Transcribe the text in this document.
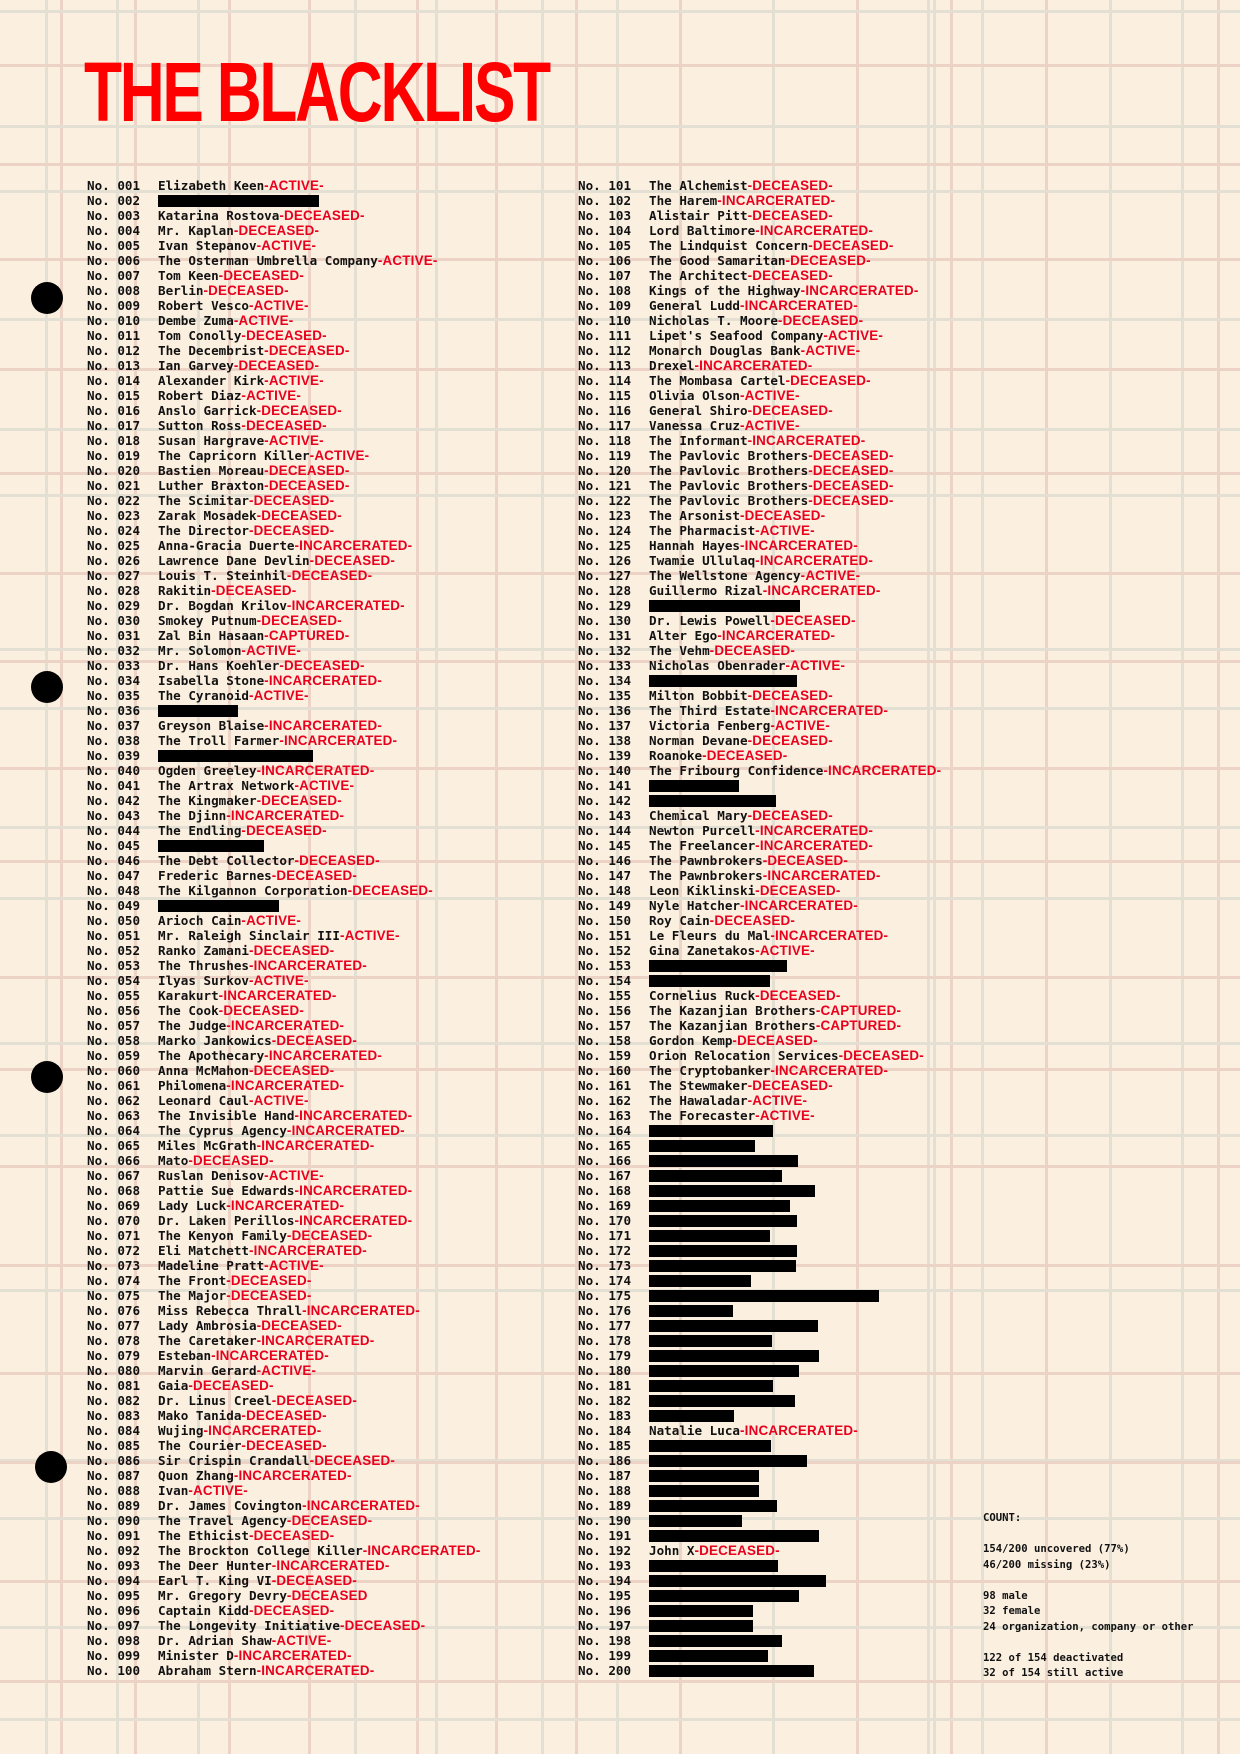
THE BLACKLIST
No. 001	Elizabeth Keen -ACTIVE-
No. 002
No. 003	Katarina Rostova -DECEASED-
No. 004	Mr. Kaplan -DECEASED-
No. 005	Ivan Stepanov -ACTIVE-
No. 006	The Osterman Umbrella Company -ACTIVE-
No. 007	Tom Keen -DECEASED-
No. 008	Berlin -DECEASED-
No. 009	Robert Vesco -ACTIVE-
No. 010	Dembe Zuma -ACTIVE-
No. 011	Tom Conolly -DECEASED-
No. 012	The Decembrist -DECEASED-
No. 013	Ian Garvey -DECEASED-
No. 014	Alexander Kirk -ACTIVE-
No. 015	Robert Diaz -ACTIVE-
No. 016	Anslo Garrick -DECEASED-
No. 017	Sutton Ross -DECEASED-
No. 018	Susan Hargrave -ACTIVE-
No. 019	The Capricorn Killer -ACTIVE-
No. 020	Bastien Moreau -DECEASED-
No. 021	Luther Braxton -DECEASED-
No. 022	The Scimitar -DECEASED-
No. 023	Zarak Mosadek -DECEASED-
No. 024	The Director -DECEASED-
No. 025	Anna-Gracia Duerte -INCARCERATED-
No. 026	Lawrence Dane Devlin -DECEASED-
No. 027	Louis T. Steinhil -DECEASED-
No. 028	Rakitin -DECEASED-
No. 029	Dr. Bogdan Krilov -INCARCERATED-
No. 030	Smokey Putnum -DECEASED-
No. 031	Zal Bin Hasaan -CAPTURED-
No. 032	Mr. Solomon -ACTIVE-
No. 033	Dr. Hans Koehler -DECEASED-
No. 034	Isabella Stone -INCARCERATED-
No. 035	The Cyranoid -ACTIVE-
No. 036
No. 037	Greyson Blaise -INCARCERATED-
No. 038	The Troll Farmer -INCARCERATED-
No. 039
No. 040	Ogden Greeley -INCARCERATED-
No. 041	The Artrax Network -ACTIVE-
No. 042	The Kingmaker -DECEASED-
No. 043	The Djinn -INCARCERATED-
No. 044	The Endling -DECEASED-
No. 045
No. 046	The Debt Collector -DECEASED-
No. 047	Frederic Barnes -DECEASED-
No. 048	The Kilgannon Corporation -DECEASED-
No. 049
No. 050	Arioch Cain -ACTIVE-
No. 051	Mr. Raleigh Sinclair III -ACTIVE-
No. 052	Ranko Zamani -DECEASED-
No. 053	The Thrushes -INCARCERATED-
No. 054	Ilyas Surkov -ACTIVE-
No. 055	Karakurt -INCARCERATED-
No. 056	The Cook -DECEASED-
No. 057	The Judge -INCARCERATED-
No. 058	Marko Jankowics -DECEASED-
No. 059	The Apothecary -INCARCERATED-
No. 060	Anna McMahon -DECEASED-
No. 061	Philomena -INCARCERATED-
No. 062	Leonard Caul -ACTIVE-
No. 063	The Invisible Hand -INCARCERATED-
No. 064	The Cyprus Agency -INCARCERATED-
No. 065	Miles McGrath -INCARCERATED-
No. 066	Mato -DECEASED-
No. 067	Ruslan Denisov -ACTIVE-
No. 068	Pattie Sue Edwards -INCARCERATED-
No. 069	Lady Luck -INCARCERATED-
No. 070	Dr. Laken Perillos -INCARCERATED-
No. 071	The Kenyon Family -DECEASED-
No. 072	Eli Matchett -INCARCERATED-
No. 073	Madeline Pratt -ACTIVE-
No. 074	The Front -DECEASED-
No. 075	The Major -DECEASED-
No. 076	Miss Rebecca Thrall -INCARCERATED-
No. 077	Lady Ambrosia -DECEASED-
No. 078	The Caretaker -INCARCERATED-
No. 079	Esteban -INCARCERATED-
No. 080	Marvin Gerard -ACTIVE-
No. 081	Gaia -DECEASED-
No. 082	Dr. Linus Creel -DECEASED-
No. 083	Mako Tanida -DECEASED-
No. 084	Wujing -INCARCERATED-
No. 085	The Courier -DECEASED-
No. 086	Sir Crispin Crandall -DECEASED-
No. 087	Quon Zhang -INCARCERATED-
No. 088	Ivan -ACTIVE-
No. 089	Dr. James Covington -INCARCERATED-
No. 090	The Travel Agency -DECEASED-
No. 091	The Ethicist -DECEASED-
No. 092	The Brockton College Killer -INCARCERATED-
No. 093	The Deer Hunter -INCARCERATED-
No. 094	Earl T. King VI -DECEASED-
No. 095	Mr. Gregory Devry -DECEASED
No. 096	Captain Kidd -DECEASED-
No. 097	The Longevity Initiative -DECEASED-
No. 098	Dr. Adrian Shaw -ACTIVE-
No. 099	Minister D -INCARCERATED-
No. 100	Abraham Stern -INCARCERATED-
No. 101	The Alchemist -DECEASED-
No. 102	The Harem -INCARCERATED-
No. 103	Alistair Pitt -DECEASED-
No. 104	Lord Baltimore -INCARCERATED-
No. 105	The Lindquist Concern -DECEASED-
No. 106	The Good Samaritan -DECEASED-
No. 107	The Architect -DECEASED-
No. 108	Kings of the Highway -INCARCERATED-
No. 109	General Ludd -INCARCERATED-
No. 110	Nicholas T. Moore -DECEASED-
No. 111	Lipet's Seafood Company -ACTIVE-
No. 112	Monarch Douglas Bank -ACTIVE-
No. 113	Drexel -INCARCERATED-
No. 114	The Mombasa Cartel -DECEASED-
No. 115	Olivia Olson -ACTIVE-
No. 116	General Shiro -DECEASED-
No. 117	Vanessa Cruz -ACTIVE-
No. 118	The Informant -INCARCERATED-
No. 119	The Pavlovic Brothers -DECEASED-
No. 120	The Pavlovic Brothers -DECEASED-
No. 121	The Pavlovic Brothers -DECEASED-
No. 122	The Pavlovic Brothers -DECEASED-
No. 123	The Arsonist -DECEASED-
No. 124	The Pharmacist -ACTIVE-
No. 125	Hannah Hayes -INCARCERATED-
No. 126	Twamie Ullulaq -INCARCERATED-
No. 127	The Wellstone Agency -ACTIVE-
No. 128	Guillermo Rizal -INCARCERATED-
No. 129
No. 130	Dr. Lewis Powell -DECEASED-
No. 131	Alter Ego -INCARCERATED-
No. 132	The Vehm -DECEASED-
No. 133	Nicholas Obenrader -ACTIVE-
No. 134
No. 135	Milton Bobbit -DECEASED-
No. 136	The Third Estate -INCARCERATED-
No. 137	Victoria Fenberg -ACTIVE-
No. 138	Norman Devane -DECEASED-
No. 139	Roanoke -DECEASED-
No. 140	The Fribourg Confidence -INCARCERATED-
No. 141
No. 142
No. 143	Chemical Mary -DECEASED-
No. 144	Newton Purcell -INCARCERATED-
No. 145	The Freelancer -INCARCERATED-
No. 146	The Pawnbrokers -DECEASED-
No. 147	The Pawnbrokers -INCARCERATED-
No. 148	Leon Kiklinski -DECEASED-
No. 149	Nyle Hatcher -INCARCERATED-
No. 150	Roy Cain -DECEASED-
No. 151	Le Fleurs du Mal -INCARCERATED-
No. 152	Gina Zanetakos -ACTIVE-
No. 153
No. 154
No. 155	Cornelius Ruck -DECEASED-
No. 156	The Kazanjian Brothers -CAPTURED-
No. 157	The Kazanjian Brothers -CAPTURED-
No. 158	Gordon Kemp -DECEASED-
No. 159	Orion Relocation Services -DECEASED-
No. 160	The Cryptobanker -INCARCERATED-
No. 161	The Stewmaker -DECEASED-
No. 162	The Hawaladar -ACTIVE-
No. 163	The Forecaster -ACTIVE-
No. 164
No. 165
No. 166
No. 167
No. 168
No. 169
No. 170
No. 171
No. 172
No. 173
No. 174
No. 175
No. 176
No. 177
No. 178
No. 179
No. 180
No. 181
No. 182
No. 183
No. 184	Natalie Luca -INCARCERATED-
No. 185
No. 186
No. 187
No. 188
No. 189
No. 190
No. 191
No. 192	John X -DECEASED-
No. 193
No. 194
No. 195
No. 196
No. 197
No. 198
No. 199
No. 200
COUNT:
154/200 uncovered (77%)
46/200 missing (23%)
98 male
32 female
24 organization, company or other
122 of 154 deactivated
32 of 154 still active
